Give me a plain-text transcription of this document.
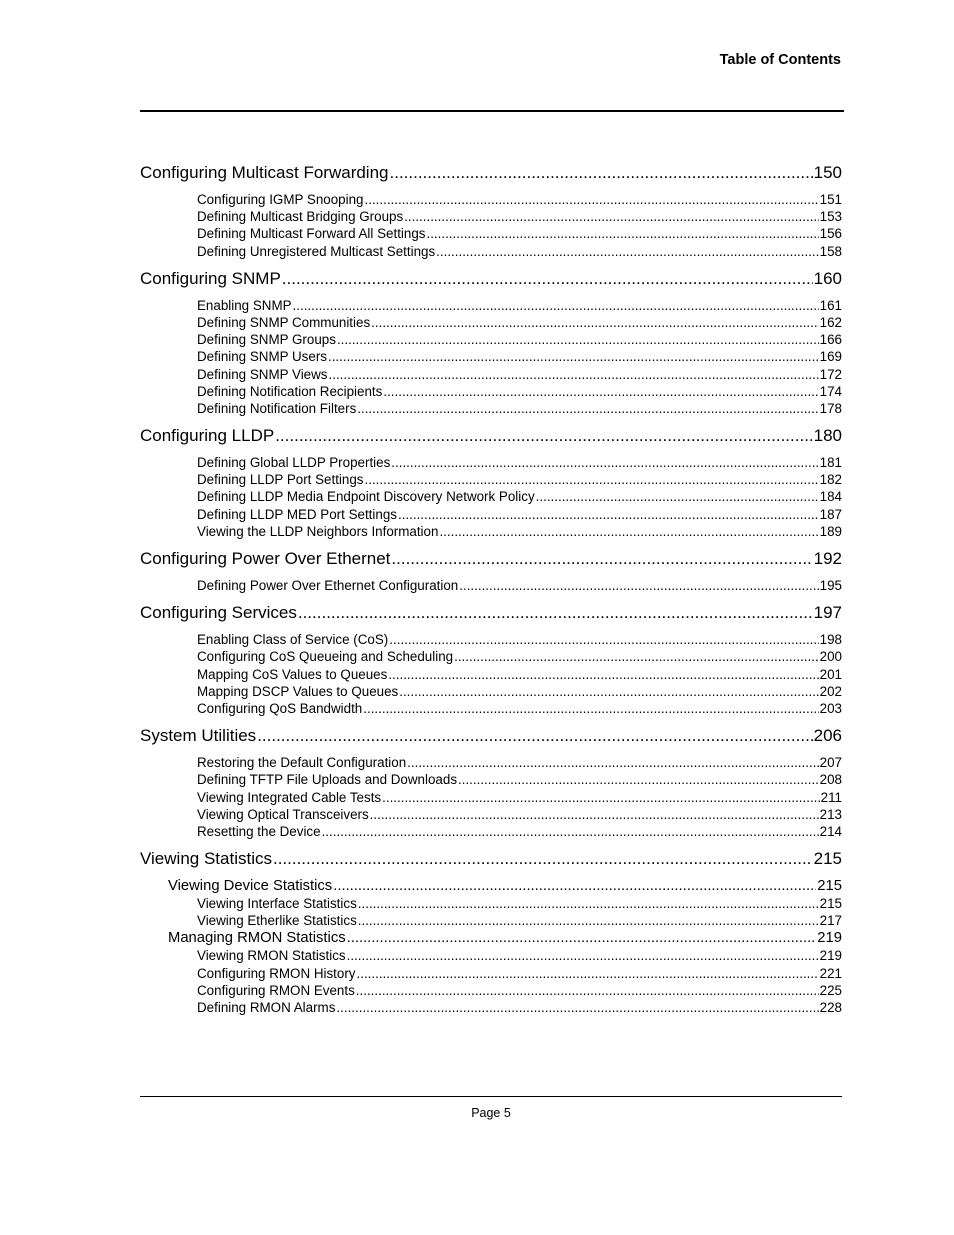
Table of Contents
Configuring Multicast Forwarding .....	150
Configuring IGMP Snooping .....	151
Defining Multicast Bridging Groups .....	153
Defining Multicast Forward All Settings .....	156
Defining Unregistered Multicast Settings .....	158
Configuring SNMP .....	160
Enabling SNMP .....	161
Defining SNMP Communities .....	162
Defining SNMP Groups .....	166
Defining SNMP Users .....	169
Defining SNMP Views .....	172
Defining Notification Recipients .....	174
Defining Notification Filters .....	178
Configuring LLDP .....	180
Defining Global LLDP Properties .....	181
Defining LLDP Port Settings .....	182
Defining LLDP Media Endpoint Discovery Network Policy .....	184
Defining LLDP MED Port Settings .....	187
Viewing the LLDP Neighbors Information .....	189
Configuring Power Over Ethernet .....	192
Defining Power Over Ethernet Configuration .....	195
Configuring Services .....	197
Enabling Class of Service (CoS) .....	198
Configuring CoS Queueing and Scheduling .....	200
Mapping CoS Values to Queues .....	201
Mapping DSCP Values to Queues .....	202
Configuring QoS Bandwidth .....	203
System Utilities .....	206
Restoring the Default Configuration .....	207
Defining TFTP File Uploads and Downloads .....	208
Viewing Integrated Cable Tests .....	211
Viewing Optical Transceivers .....	213
Resetting the Device .....	214
Viewing Statistics .....	215
Viewing Device Statistics .....	215
Viewing Interface Statistics .....	215
Viewing Etherlike Statistics .....	217
Managing RMON Statistics .....	219
Viewing RMON Statistics .....	219
Configuring RMON History .....	221
Configuring RMON Events .....	225
Defining RMON Alarms .....	228
Page 5
